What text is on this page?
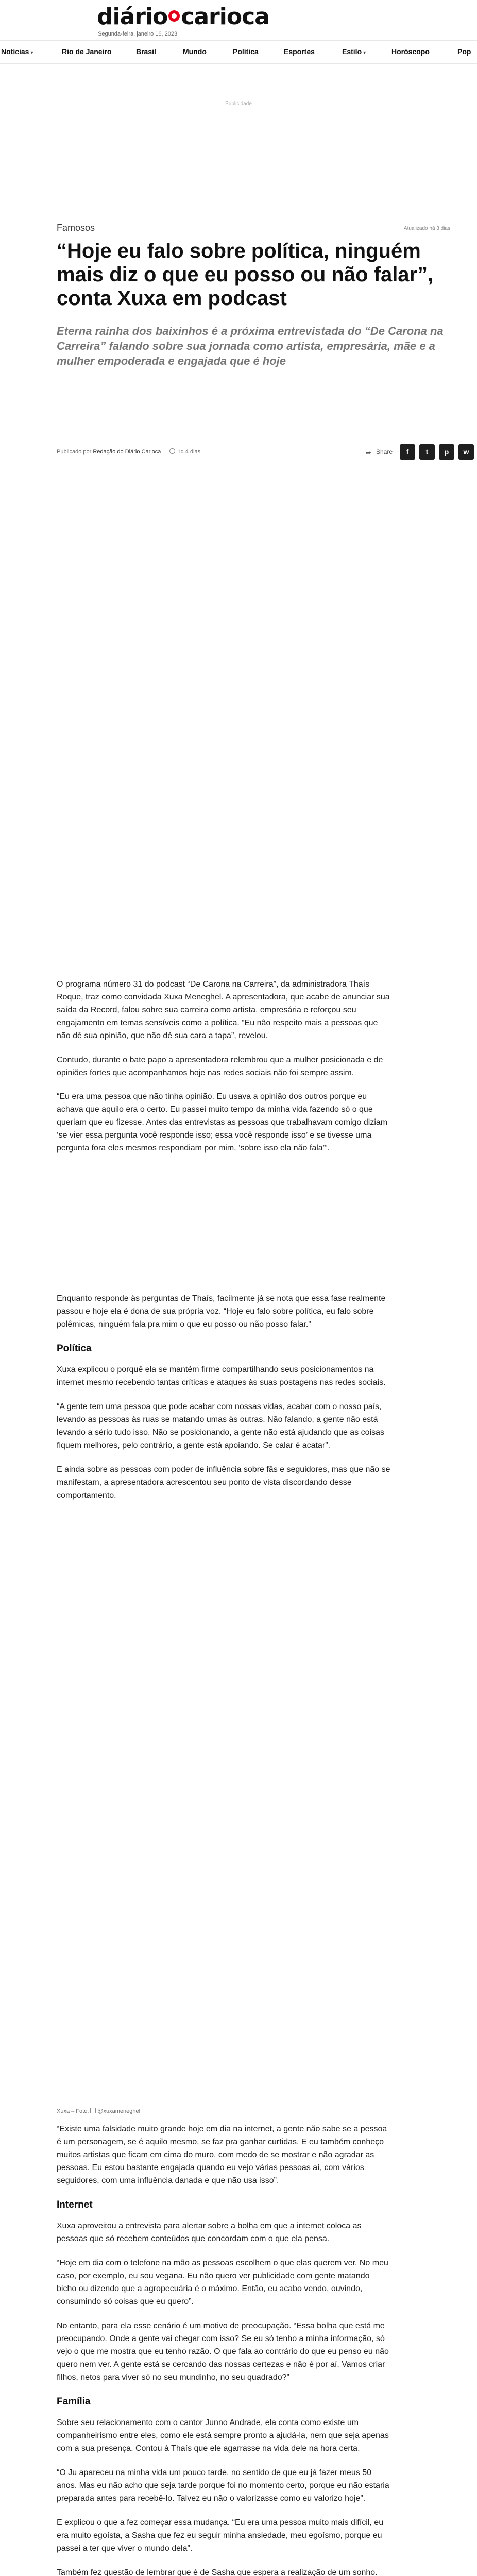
diário carioca
Segunda-feira, janeiro 16, 2023
Notícias ▾	Rio de Janeiro	Brasil	Mundo	Política	Esportes	Estilo ▾	Horóscopo	Pop
Publicidade
Famosos	Atualizado há 3 dias
“Hoje eu falo sobre política, ninguém mais diz o que eu posso ou não falar”, conta Xuxa em podcast
Eterna rainha dos baixinhos é a próxima entrevistada do “De Carona na Carreira” falando sobre sua jornada como artista, empresária, mãe e a mulher empoderada e engajada que é hoje
Publicado por Redação do Diário Carioca	1d 4 dias	➦ Share	f	t	p	w

O programa número 31 do podcast “De Carona na Carreira”, da administradora Thaís Roque, traz como convidada Xuxa Meneghel. A apresentadora, que acabe de anunciar sua saída da Record, falou sobre sua carreira como artista, empresária e reforçou seu engajamento em temas sensíveis como a política. “Eu não respeito mais a pessoas que não dê sua opinião, que não dê sua cara a tapa”, revelou.

Contudo, durante o bate papo a apresentadora relembrou que a mulher posicionada e de opiniões fortes que acompanhamos hoje nas redes sociais não foi sempre assim.

“Eu era uma pessoa que não tinha opinião. Eu usava a opinião dos outros porque eu achava que aquilo era o certo. Eu passei muito tempo da minha vida fazendo só o que queriam que eu fizesse. Antes das entrevistas as pessoas que trabalhavam comigo diziam ‘se vier essa pergunta você responde isso; essa você responde isso’ e se tivesse uma pergunta fora eles mesmos respondiam por mim, ‘sobre isso ela não fala’”.

Enquanto responde às perguntas de Thaís, facilmente já se nota que essa fase realmente passou e hoje ela é dona de sua própria voz. “Hoje eu falo sobre política, eu falo sobre polêmicas, ninguém fala pra mim o que eu posso ou não posso falar.”

Política

Xuxa explicou o porquê ela se mantém firme compartilhando seus posicionamentos na internet mesmo recebendo tantas críticas e ataques às suas postagens nas redes sociais.

“A gente tem uma pessoa que pode acabar com nossas vidas, acabar com o nosso país, levando as pessoas às ruas se matando umas às outras. Não falando, a gente não está levando a sério tudo isso. Não se posicionando, a gente não está ajudando que as coisas fiquem melhores, pelo contrário, a gente está apoiando. Se calar é acatar”.

E ainda sobre as pessoas com poder de influência sobre fãs e seguidores, mas que não se manifestam, a apresentadora acrescentou seu ponto de vista discordando desse comportamento.

Xuxa – Foto: @xuxameneghel

“Existe uma falsidade muito grande hoje em dia na internet, a gente não sabe se a pessoa é um personagem, se é aquilo mesmo, se faz pra ganhar curtidas. E eu também conheço muitos artistas que ficam em cima do muro, com medo de se mostrar e não agradar as pessoas. Eu estou bastante engajada quando eu vejo várias pessoas aí, com vários seguidores, com uma influência danada e que não usa isso”.

Internet

Xuxa aproveitou a entrevista para alertar sobre a bolha em que a internet coloca as pessoas que só recebem conteúdos que concordam com o que ela pensa.

“Hoje em dia com o telefone na mão as pessoas escolhem o que elas querem ver. No meu caso, por exemplo, eu sou vegana. Eu não quero ver publicidade com gente matando bicho ou dizendo que a agropecuária é o máximo. Então, eu acabo vendo, ouvindo, consumindo só coisas que eu quero”.

No entanto, para ela esse cenário é um motivo de preocupação. “Essa bolha que está me preocupando. Onde a gente vai chegar com isso? Se eu só tenho a minha informação, só vejo o que me mostra que eu tenho razão. O que fala ao contrário do que eu penso eu não quero nem ver. A gente está se cercando das nossas certezas e não é por aí. Vamos criar filhos, netos para viver só no seu mundinho, no seu quadrado?”

Família

Sobre seu relacionamento com o cantor Junno Andrade, ela conta como existe um companheirismo entre eles, como ele está sempre pronto a ajudá-la, nem que seja apenas com a sua presença. Contou à Thaís que ele agarrasse na vida dele na hora certa.

“O Ju apareceu na minha vida um pouco tarde, no sentido de que eu já fazer meus 50 anos. Mas eu não acho que seja tarde porque foi no momento certo, porque eu não estaria preparada antes para recebê-lo. Talvez eu não o valorizasse como eu valorizo hoje”.

E explicou o que a fez começar essa mudança. “Eu era uma pessoa muito mais difícil, eu era muito egoísta, a Sasha que fez eu seguir minha ansiedade, meu egoísmo, porque eu passei a ter que viver o mundo dela”.

Também fez questão de lembrar que é de Sasha que espera a realização de um sonho.
